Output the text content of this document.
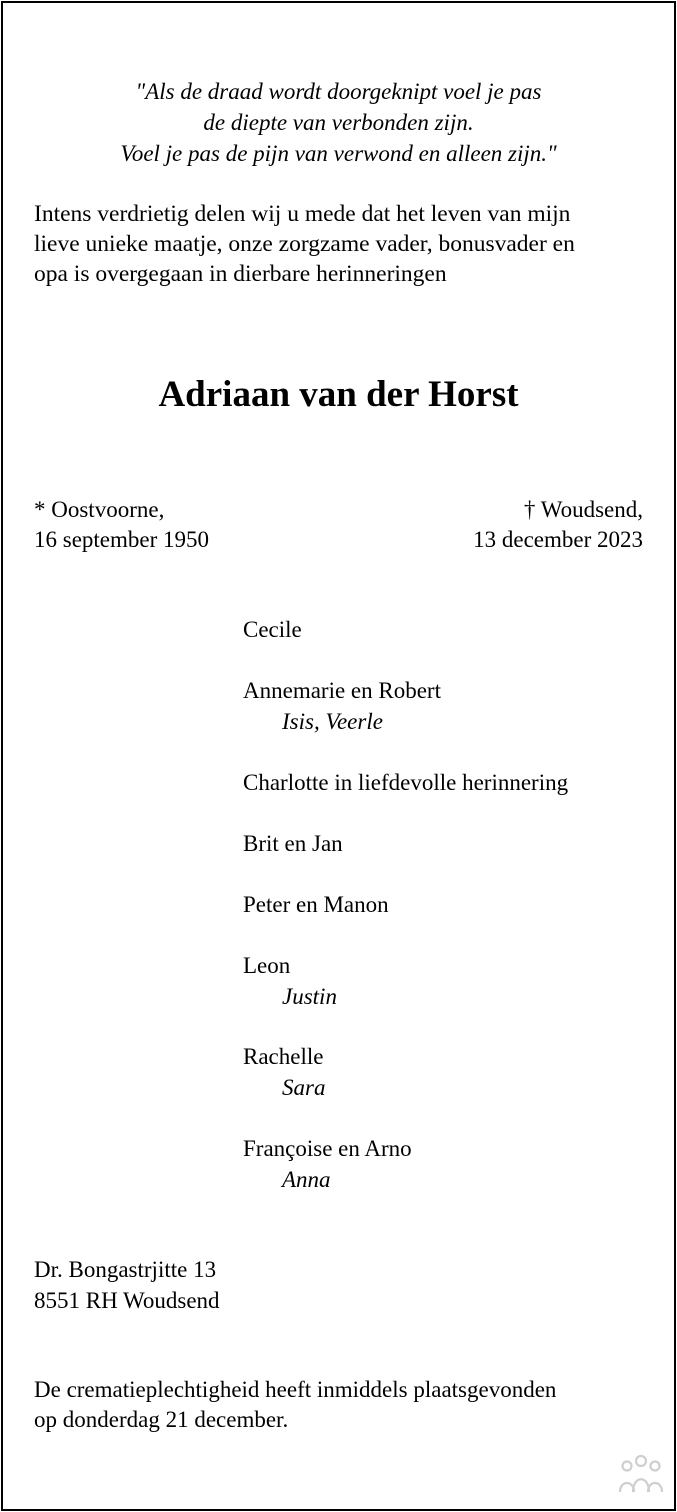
"Als de draad wordt doorgeknipt voel je pas
de diepte van verbonden zijn.
Voel je pas de pijn van verwond en alleen zijn."
Intens verdrietig delen wij u mede dat het leven van mijn
lieve unieke maatje, onze zorgzame vader, bonusvader en
opa is overgegaan in dierbare herinneringen
Adriaan van der Horst
* Oostvoorne,
16 september 1950
† Woudsend,
13 december 2023
Cecile
Annemarie en Robert
Isis, Veerle
Charlotte in liefdevolle herinnering
Brit en Jan
Peter en Manon
Leon
Justin
Rachelle
Sara
Françoise en Arno
Anna
Dr. Bongastrjitte 13
8551 RH Woudsend
De crematieplechtigheid heeft inmiddels plaatsgevonden
op donderdag 21 december.
